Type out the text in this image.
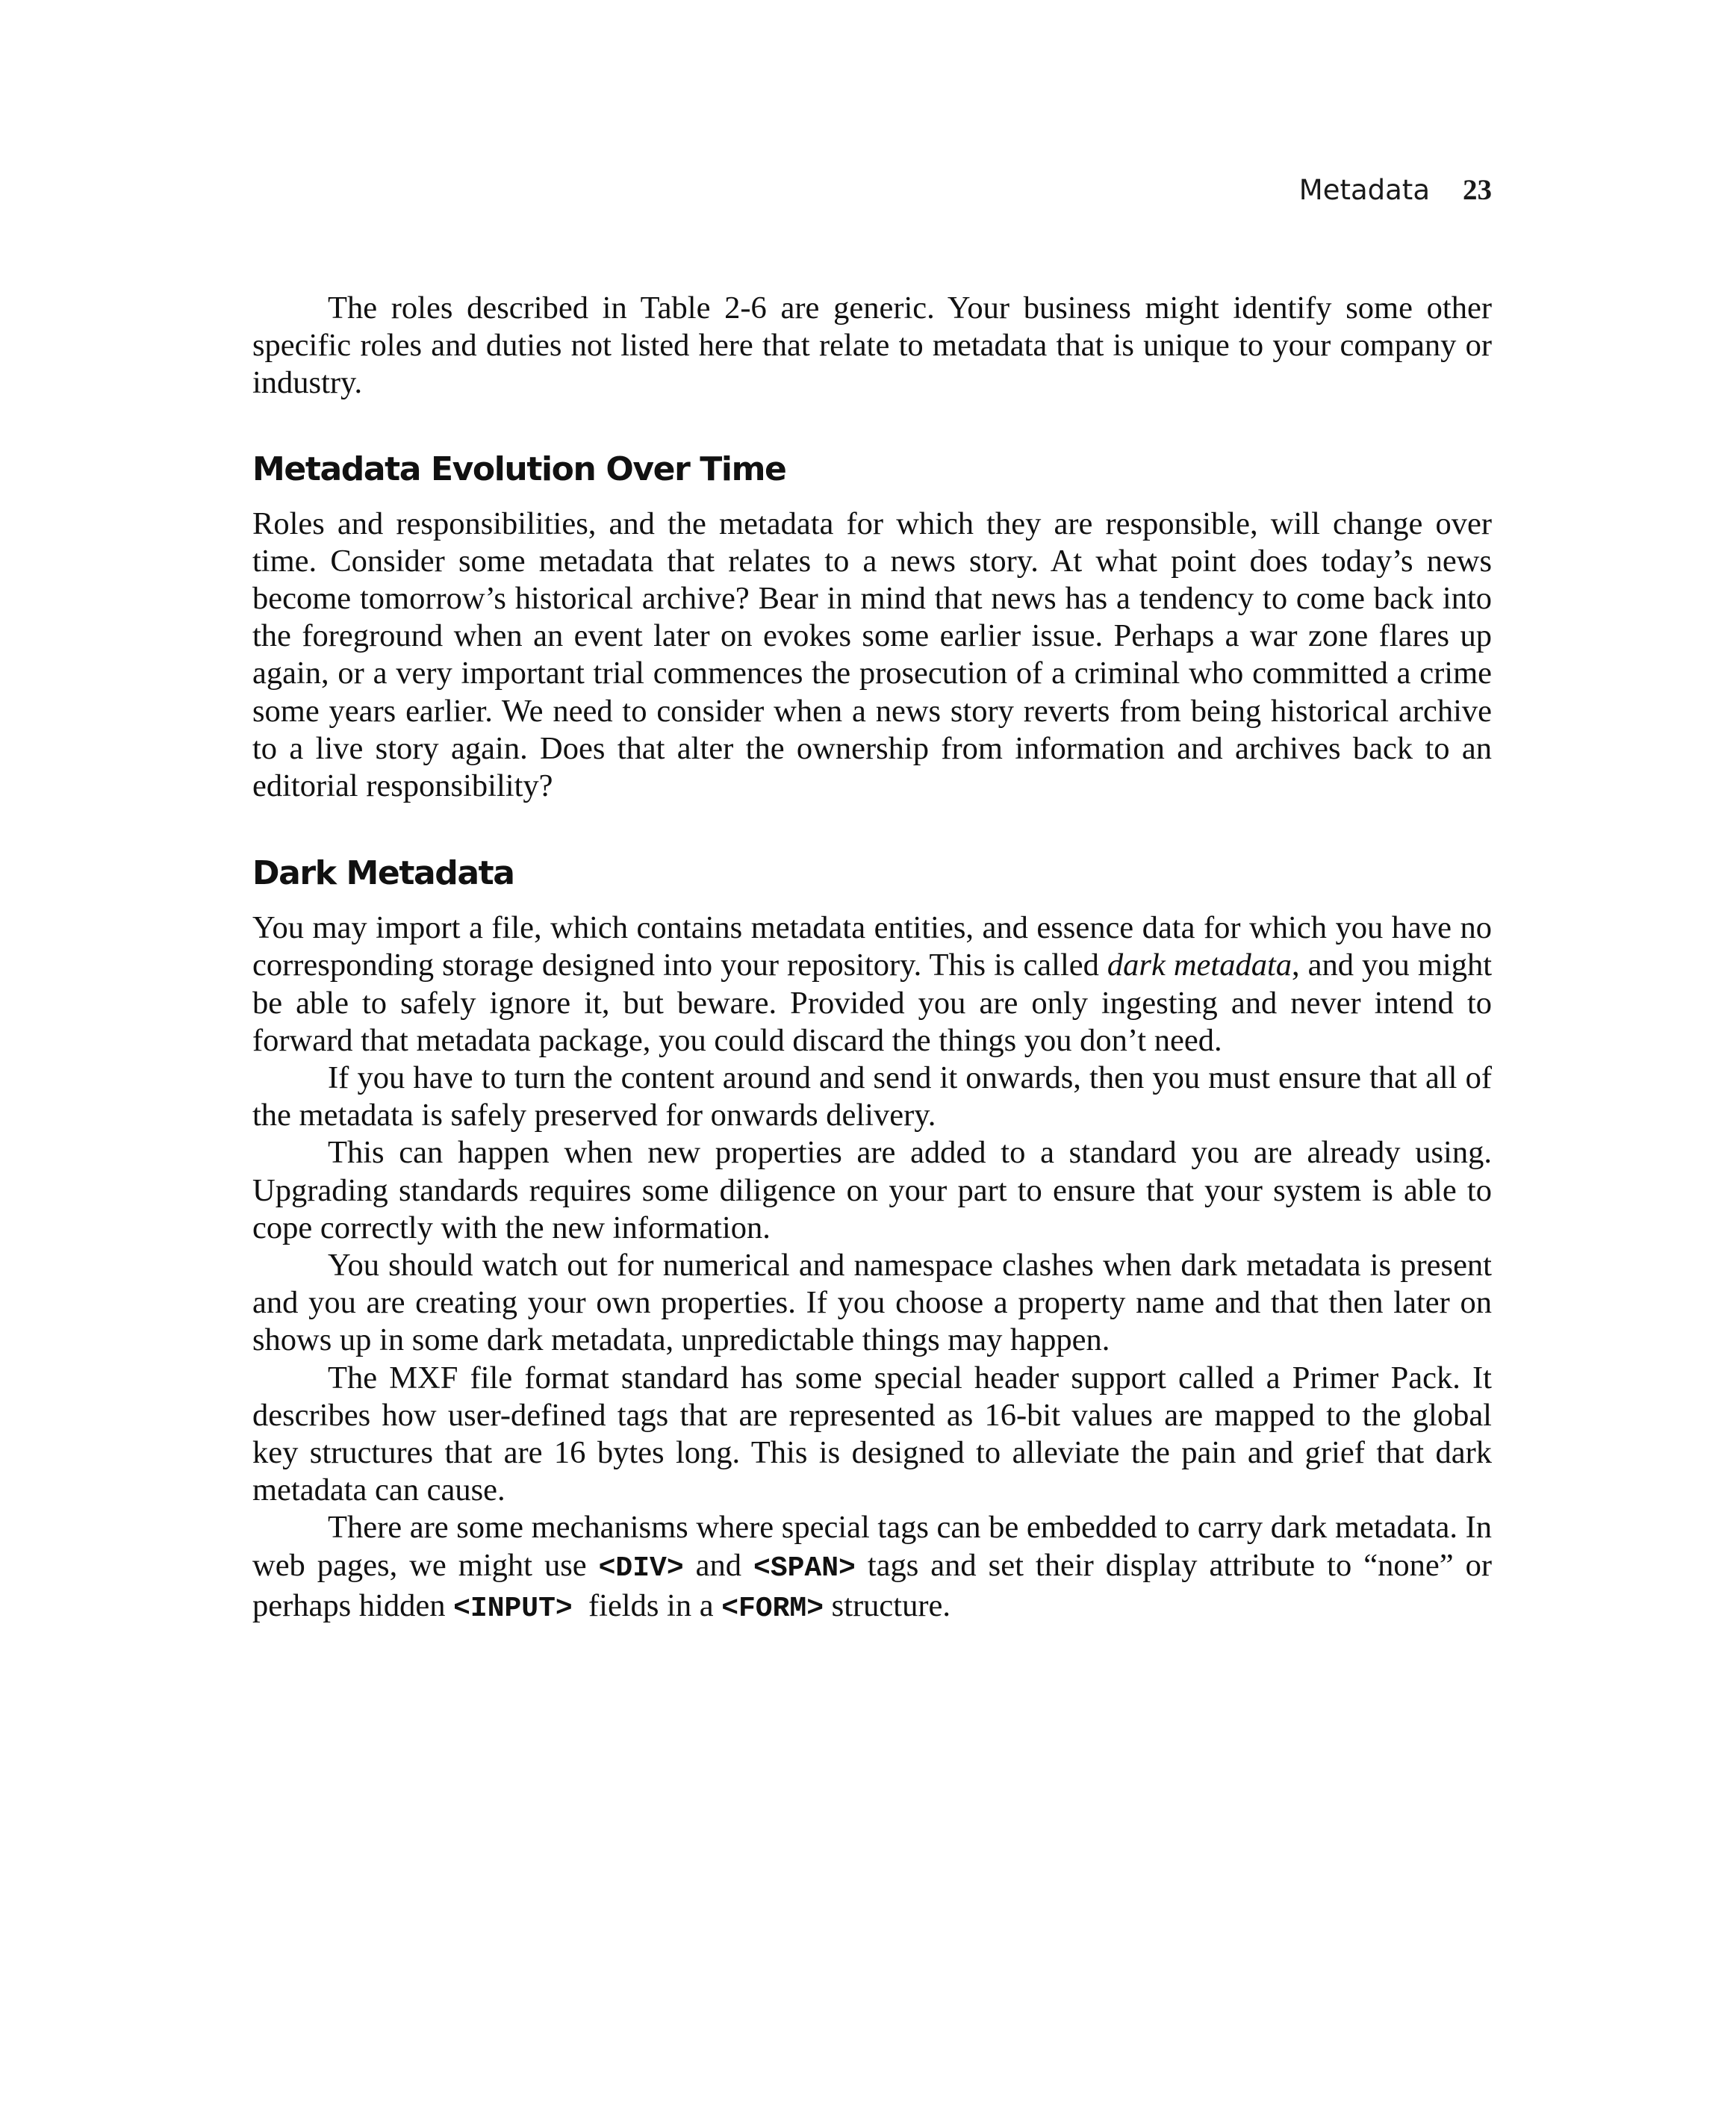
Metadata 23

The roles described in Table 2-6 are generic. Your business might identify some other specific roles and duties not listed here that relate to metadata that is unique to your company or industry.

Metadata Evolution Over Time

Roles and responsibilities, and the metadata for which they are responsible, will change over time. Consider some metadata that relates to a news story. At what point does today’s news become tomorrow’s historical archive? Bear in mind that news has a tendency to come back into the foreground when an event later on evokes some earlier issue. Perhaps a war zone flares up again, or a very important trial commences the prosecution of a criminal who committed a crime some years earlier. We need to consider when a news story reverts from being historical archive to a live story again. Does that alter the ownership from information and archives back to an editorial responsibility?

Dark Metadata

You may import a file, which contains metadata entities, and essence data for which you have no corresponding storage designed into your repository. This is called dark metadata, and you might be able to safely ignore it, but beware. Provided you are only ingesting and never intend to forward that metadata package, you could discard the things you don’t need.

If you have to turn the content around and send it onwards, then you must ensure that all of the metadata is safely preserved for onwards delivery.

This can happen when new properties are added to a standard you are already using. Upgrading standards requires some diligence on your part to ensure that your system is able to cope correctly with the new information.

You should watch out for numerical and namespace clashes when dark metadata is present and you are creating your own properties. If you choose a property name and that then later on shows up in some dark metadata, unpredictable things may happen.

The MXF file format standard has some special header support called a Primer Pack. It describes how user-defined tags that are represented as 16-bit values are mapped to the global key structures that are 16 bytes long. This is designed to alleviate the pain and grief that dark metadata can cause.

There are some mechanisms where special tags can be embedded to carry dark metadata. In web pages, we might use <DIV> and <SPAN> tags and set their display attribute to “none” or perhaps hidden <INPUT>  fields in a <FORM> structure.
